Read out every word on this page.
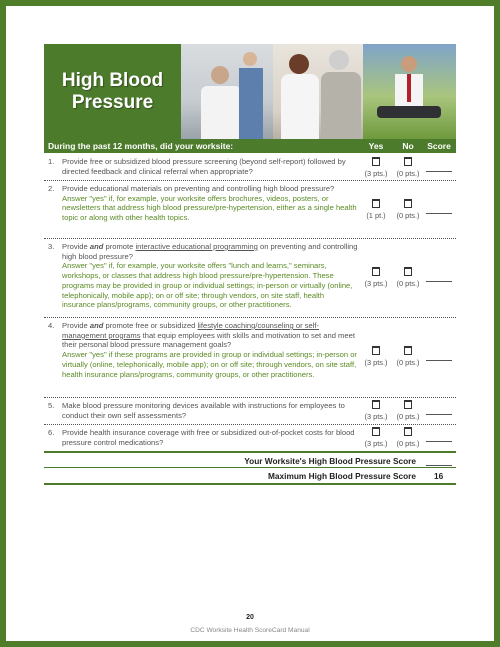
High Blood Pressure
During the past 12 months, did your worksite:	Yes	No	Score
1. Provide free or subsidized blood pressure screening (beyond self-report) followed by directed feedback and clinical referral when appropriate?	(3 pts.)	(0 pts.)
2. Provide educational materials on preventing and controlling high blood pressure?
Answer "yes" if, for example, your worksite offers brochures, videos, posters, or newsletters that address high blood pressure/pre-hypertension, either as a single health topic or along with other health topics.	(1 pt.)	(0 pts.)
3. Provide and promote interactive educational programming on preventing and controlling high blood pressure?
Answer "yes" if, for example, your worksite offers "lunch and learns," seminars, workshops, or classes that address high blood pressure/pre-hypertension. These programs may be provided in group or individual settings; in-person or virtually (online, telephonically, mobile app); on or off site; through vendors, on site staff, health insurance plans/programs, community groups, or other practitioners.

(3 pts.)	(0 pts.)
4. Provide and promote free or subsidized lifestyle coaching/counseling or self-management programs that equip employees with skills and motivation to set and meet their personal blood pressure management goals?
Answer "yes" if these programs are provided in group or individual settings; in-person or virtually (online, telephonically, mobile app); on or off site; through vendors, on site staff, health insurance plans/programs, community groups, or other practitioners.

(3 pts.)	(0 pts.)
5. Make blood pressure monitoring devices available with instructions for employees to conduct their own self assessments?	(3 pts.)	(0 pts.)
6. Provide health insurance coverage with free or subsidized out-of-pocket costs for blood pressure control medications?	(3 pts.)	(0 pts.)
Your Worksite's High Blood Pressure Score
Maximum High Blood Pressure Score 16
20
CDC Worksite Health ScoreCard Manual
